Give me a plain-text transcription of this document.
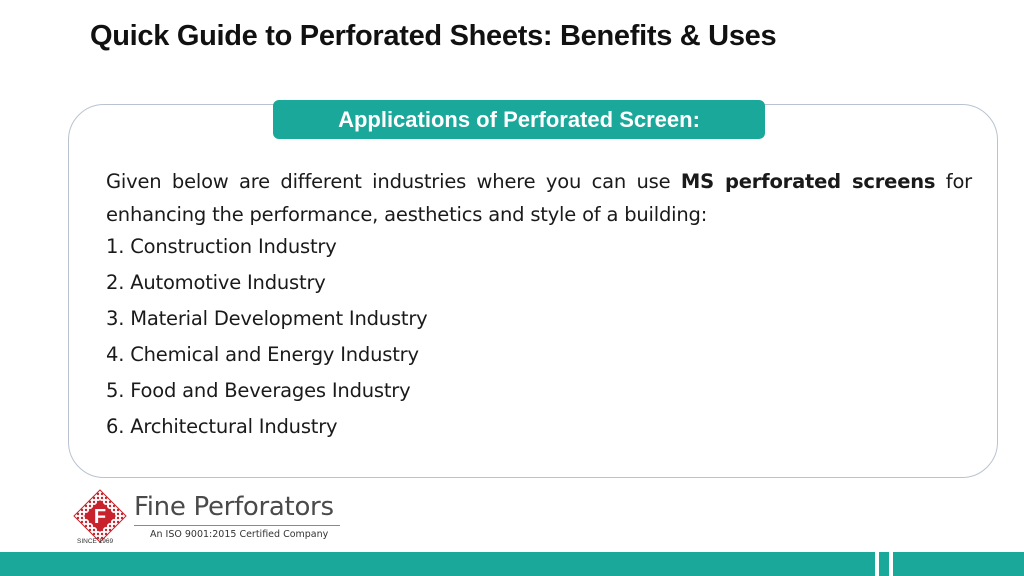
Quick Guide to Perforated Sheets: Benefits & Uses
Applications of Perforated Screen:

Given below are different industries where you can use MS perforated screens for enhancing the performance, aesthetics and style of a building:

1. Construction Industry
2. Automotive Industry
3. Material Development Industry
4. Chemical and Energy Industry
5. Food and Beverages Industry
6. Architectural Industry
F
SINCE 1969
Fine Perforators
An ISO 9001:2015 Certified Company
